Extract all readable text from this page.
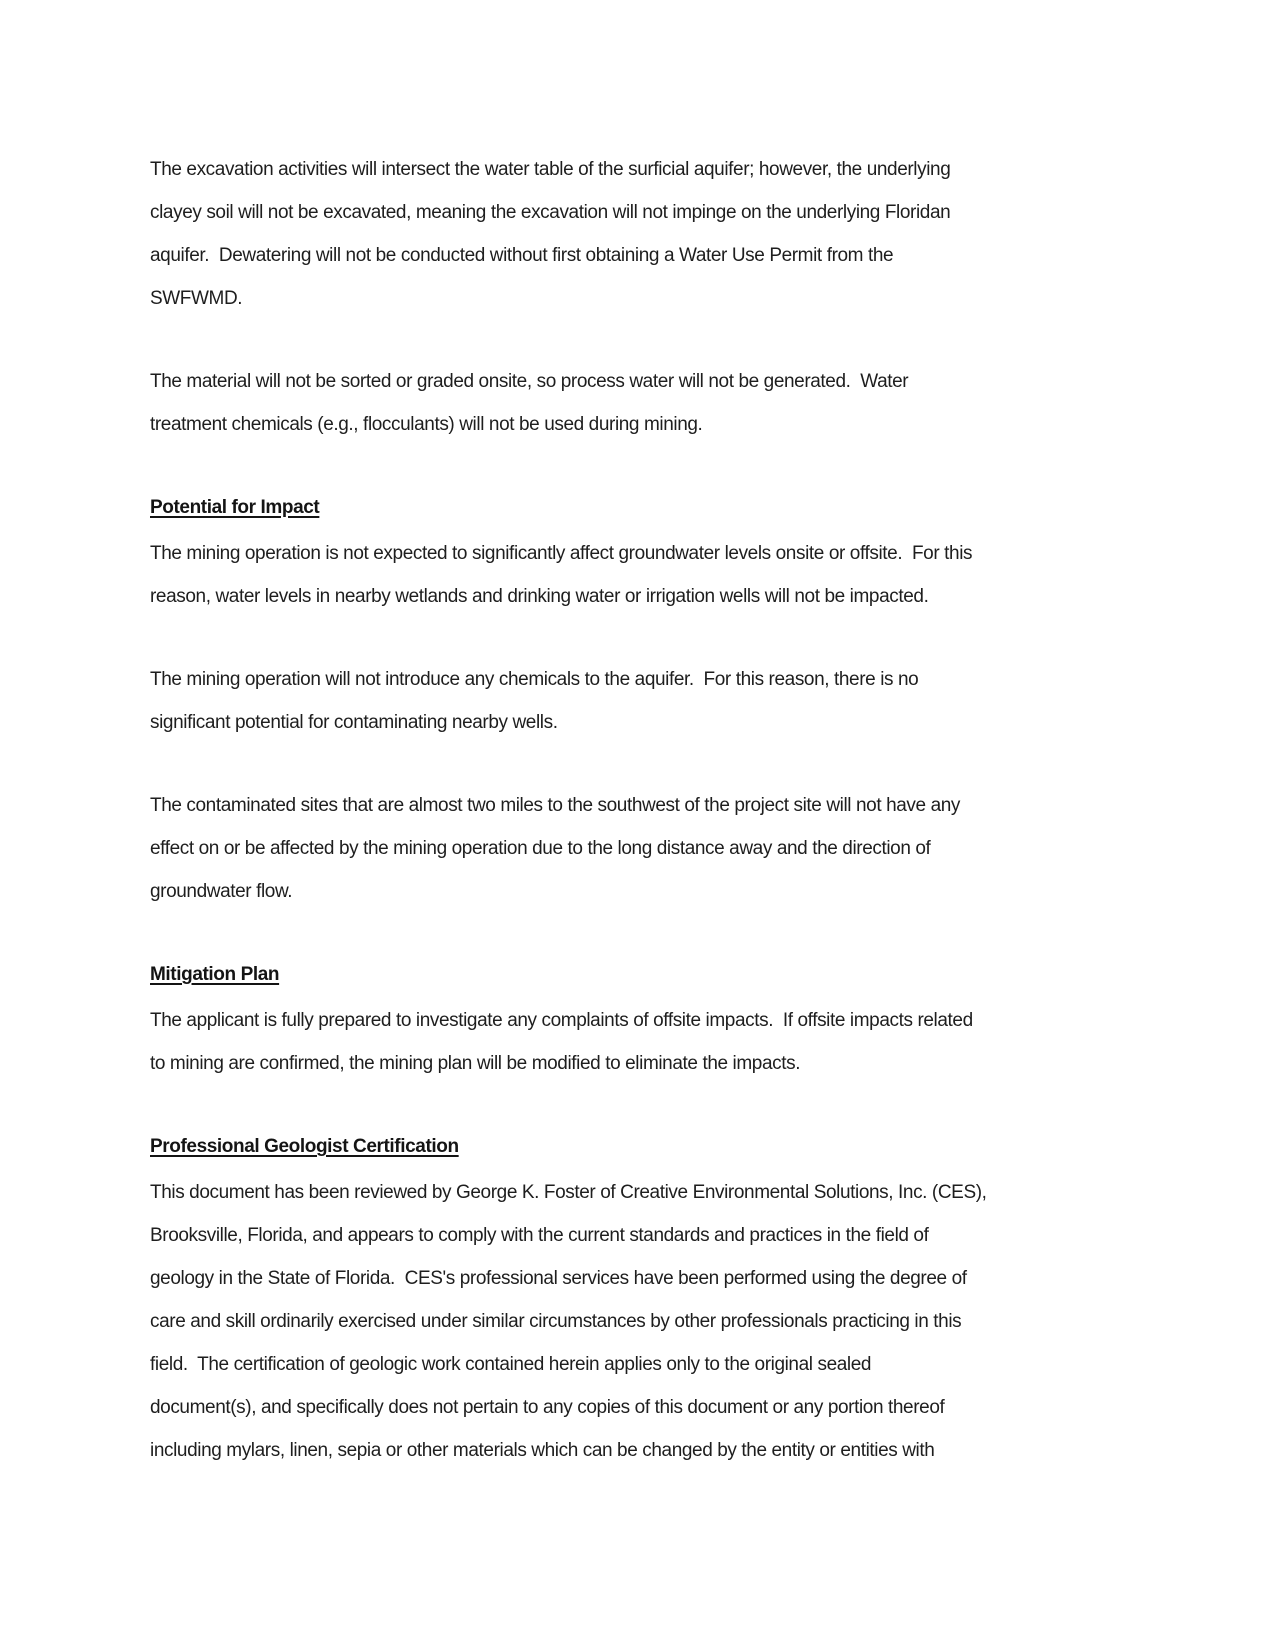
The excavation activities will intersect the water table of the surficial aquifer; however, the underlying
clayey soil will not be excavated, meaning the excavation will not impinge on the underlying Floridan
aquifer.  Dewatering will not be conducted without first obtaining a Water Use Permit from the
SWFWMD.
The material will not be sorted or graded onsite, so process water will not be generated.  Water
treatment chemicals (e.g., flocculants) will not be used during mining.
Potential for Impact
The mining operation is not expected to significantly affect groundwater levels onsite or offsite.  For this
reason, water levels in nearby wetlands and drinking water or irrigation wells will not be impacted.
The mining operation will not introduce any chemicals to the aquifer.  For this reason, there is no
significant potential for contaminating nearby wells.
The contaminated sites that are almost two miles to the southwest of the project site will not have any
effect on or be affected by the mining operation due to the long distance away and the direction of
groundwater flow.
Mitigation Plan
The applicant is fully prepared to investigate any complaints of offsite impacts.  If offsite impacts related
to mining are confirmed, the mining plan will be modified to eliminate the impacts.
Professional Geologist Certification
This document has been reviewed by George K. Foster of Creative Environmental Solutions, Inc. (CES),
Brooksville, Florida, and appears to comply with the current standards and practices in the field of
geology in the State of Florida.  CES's professional services have been performed using the degree of
care and skill ordinarily exercised under similar circumstances by other professionals practicing in this
field.  The certification of geologic work contained herein applies only to the original sealed
document(s), and specifically does not pertain to any copies of this document or any portion thereof
including mylars, linen, sepia or other materials which can be changed by the entity or entities with
